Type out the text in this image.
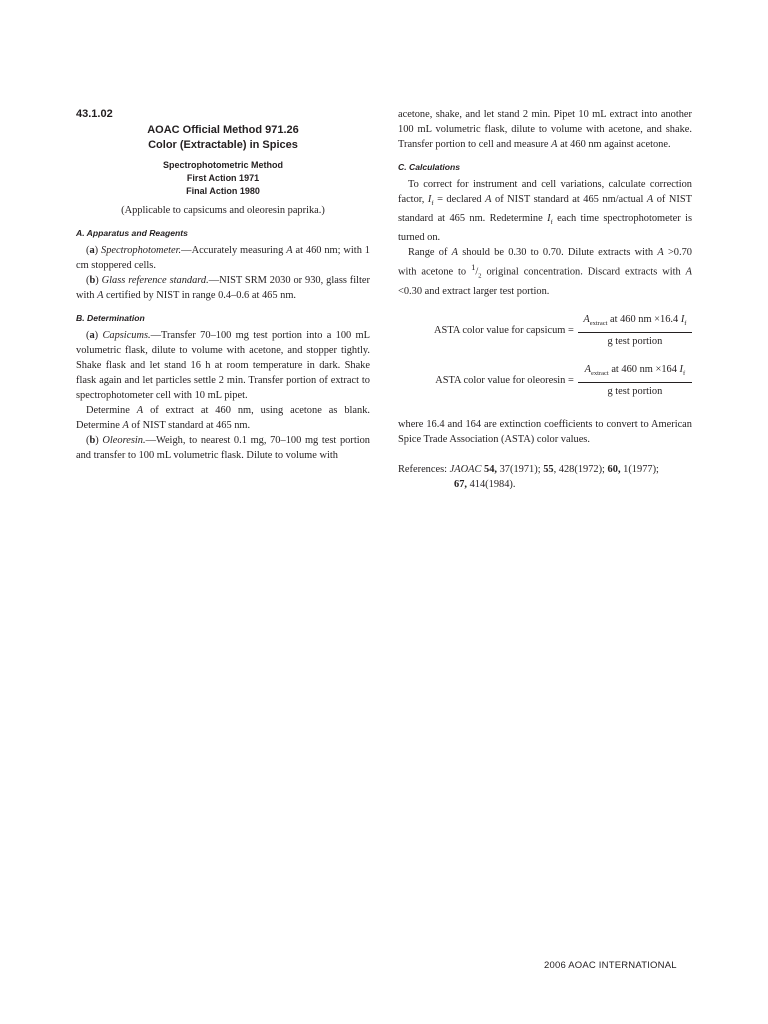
43.1.02
AOAC Official Method 971.26
Color (Extractable) in Spices
Spectrophotometric Method
First Action 1971
Final Action 1980
(Applicable to capsicums and oleoresin paprika.)
A. Apparatus and Reagents

(a) Spectrophotometer.—Accurately measuring A at 460 nm; with 1 cm stoppered cells.

(b) Glass reference standard.—NIST SRM 2030 or 930, glass filter with A certified by NIST in range 0.4–0.6 at 465 nm.

B. Determination

(a) Capsicums.—Transfer 70–100 mg test portion into a 100 mL volumetric flask, dilute to volume with acetone, and stopper tightly. Shake flask and let stand 16 h at room temperature in dark. Shake flask again and let particles settle 2 min. Transfer portion of extract to spectrophotometer cell with 10 mL pipet.

Determine A of extract at 460 nm, using acetone as blank. Determine A of NIST standard at 465 nm.

(b) Oleoresin.—Weigh, to nearest 0.1 mg, 70–100 mg test portion and transfer to 100 mL volumetric flask. Dilute to volume with

acetone, shake, and let stand 2 min. Pipet 10 mL extract into another 100 mL volumetric flask, dilute to volume with acetone, and shake. Transfer portion to cell and measure A at 460 nm against acetone.

C. Calculations

To correct for instrument and cell variations, calculate correction factor, $I_f$ = declared A of NIST standard at 465 nm/actual A of NIST standard at 465 nm. Redetermine $I_f$ each time spectrophotometer is turned on.

Range of A should be 0.30 to 0.70. Dilute extracts with A >0.70 with acetone to $^1/_2$ original concentration. Discard extracts with A <0.30 and extract larger test portion.

ASTA color value for capsicum = $\frac{A_{extract} at 460 nm \times 16.4 I_f}{\text{g test portion}}$
ASTA color value for oleoresin = $\frac{A_{extract} at 460 nm \times 164 I_f}{\text{g test portion}}$

where 16.4 and 164 are extinction coefficients to convert to American Spice Trade Association (ASTA) color values.

References: JAOAC 54, 37(1971); 55, 428(1972); 60, 1(1977);
67, 414(1984).
2006 AOAC INTERNATIONAL
